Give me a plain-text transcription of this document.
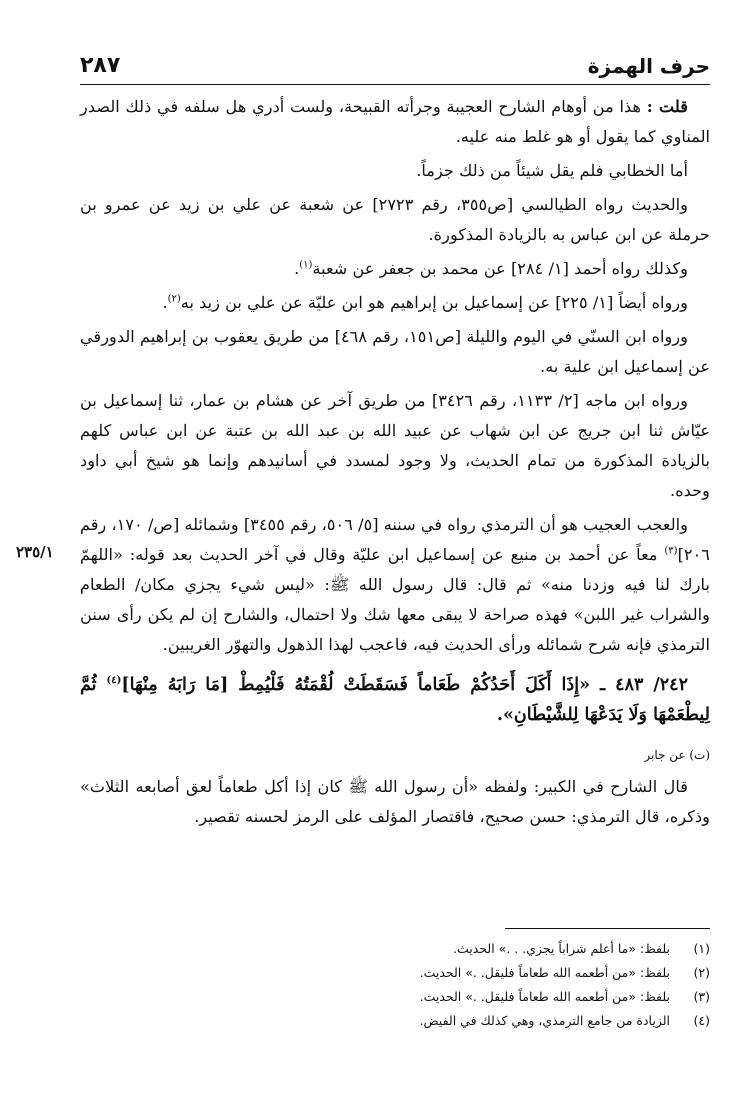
حرف الهمزة
٢٨٧

قلت : هذا من أوهام الشارح العجيبة وجرأته القبيحة، ولست أدري هل سلفه في ذلك الصدر المناوي كما يقول أو هو غلط منه عليه.

أما الخطابي فلم يقل شيئاً من ذلك جزماً.

والحديث رواه الطيالسي [ص٣٥٥، رقم ٢٧٢٣] عن شعبة عن علي بن زيد عن عمرو بن حرملة عن ابن عباس به بالزيادة المذكورة.

وكذلك رواه أحمد [١/ ٢٨٤] عن محمد بن جعفر عن شعبة$^{(١)}$.

ورواه أيضاً [١/ ٢٢٥] عن إسماعيل بن إبراهيم هو ابن عليّة عن علي بن زيد به$^{(٢)}$.

ورواه ابن السنّي في اليوم والليلة [ص١٥١، رقم ٤٦٨] من طريق يعقوب بن إبراهيم الدورقي عن إسماعيل ابن علية به.

ورواه ابن ماجه [٢/ ١١٣٣، رقم ٣٤٢٦] من طريق آخر عن هشام بن عمار، ثنا إسماعيل بن عيّاش ثنا ابن جريج عن ابن شهاب عن عبيد الله بن عبد الله بن عتبة عن ابن عباس كلهم بالزيادة المذكورة من تمام الحديث، ولا وجود لمسدد في أسانيدهم وإنما هو شيخ أبي داود وحده.

والعجب العجيب هو أن الترمذي رواه في سننه [٥/ ٥٠٦، رقم ٣٤٥٥] وشمائله [ص/ ١٧٠، رقم ٢٠٦]$^{(٣)}$ معاً عن أحمد بن منيع عن إسماعيل ابن عليّة وقال في آخر الحديث بعد قوله: «اللهمّ بارك لنا فيه وزدنا منه» ثم قال: قال رسول الله ﷺ: «ليس شيء يجزي مكان/ الطعام والشراب غير اللبن» فهذه صراحة لا يبقى معها شك ولا احتمال، والشارح إن لم يكن رأى سنن الترمذي فإنه شرح شمائله ورأى الحديث فيه، فاعجب لهذا الذهول والتهوّر الغريبين.

٢٤٢/ ٤٨٣ ـ «إِذَا أَكَلَ أَحَدُكُمْ طَعَاماً فَسَقَطَتْ لُقْمَتُهُ فَلْيُمِطْ [مَا رَابَهُ مِنْهَا]$^{(٤)}$ ثُمَّ لِيطْعَمْهَا وَلَا يَدَعْهَا لِلشَّيْطَانِ».

(ت) عن جابر

قال الشارح في الكبير: ولفظه «أن رسول الله ﷺ كان إذا أكل طعاماً لعق أصابعه الثلاث» وذكره، قال الترمذي: حسن صحيح، فاقتصار المؤلف على الرمز لحسنه تقصير.

٢٣٥/١
(١)
بلفظ: «ما أعلم شراباً يجزي. . .» الحديث.
(٢)
بلفظ: «من أطعمه الله طعاماً فليقل. .» الحديث.
(٣)
بلفظ: «من أطعمه الله طعاماً فليقل. .» الحديث.
(٤)
الزيادة من جامع الترمذي، وهي كذلك في الفيض.
